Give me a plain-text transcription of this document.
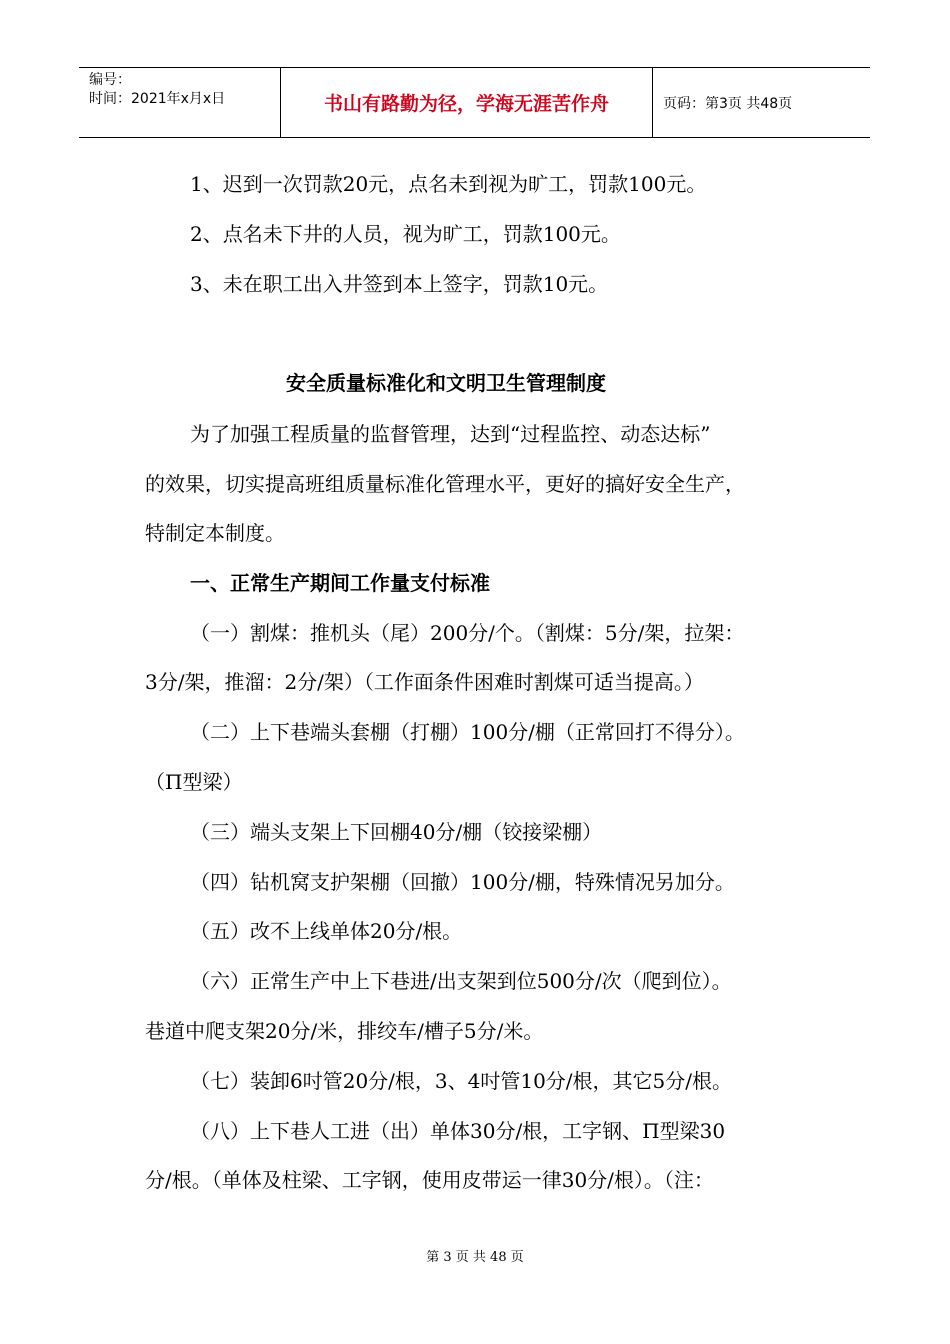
编号：
时间：2021年x月x日	书山有路勤为径，学海无涯苦作舟	页码：第3页 共48页
1、迟到一次罚款20元，点名未到视为旷工，罚款100元。
2、点名未下井的人员，视为旷工，罚款100元。
3、未在职工出入井签到本上签字，罚款10元。
安全质量标准化和文明卫生管理制度
为了加强工程质量的监督管理，达到“过程监控、动态达标”
的效果，切实提高班组质量标准化管理水平，更好的搞好安全生产，
特制定本制度。
一、正常生产期间工作量支付标准
（一）割煤：推机头（尾）200分/个。（割煤：5分/架，拉架：
3分/架，推溜：2分/架）（工作面条件困难时割煤可适当提高。）
（二）上下巷端头套棚（打棚）100分/棚（正常回打不得分）。
（Π型梁）
（三）端头支架上下回棚40分/棚（铰接梁棚）
（四）钻机窝支护架棚（回撤）100分/棚，特殊情况另加分。
（五）改不上线单体20分/根。
（六）正常生产中上下巷进/出支架到位500分/次（爬到位）。
巷道中爬支架20分/米，排绞车/槽子5分/米。
（七）装卸6吋管20分/根，3、4吋管10分/根，其它5分/根。
（八）上下巷人工进（出）单体30分/根，工字钢、Π型梁30
分/根。（单体及柱梁、工字钢，使用皮带运一律30分/根）。（注：
第 3 页 共 48 页
